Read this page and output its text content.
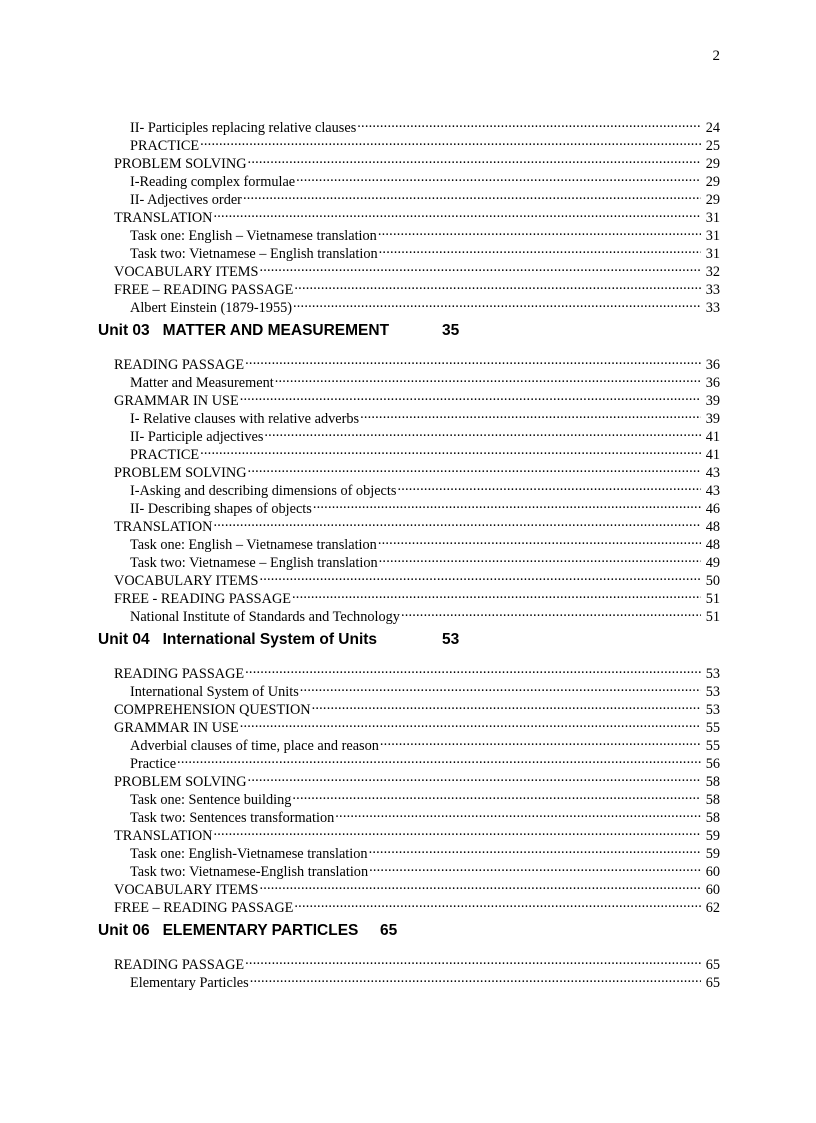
2
II- Participles replacing relative clauses .....	24
PRACTICE .....	25
PROBLEM SOLVING .....	29
I-Reading complex formulae .....	29
II- Adjectives order .....	29
TRANSLATION .....	31
Task one: English – Vietnamese translation .....	31
Task two: Vietnamese – English translation .....	31
VOCABULARY ITEMS .....	32
FREE – READING PASSAGE .....	33
Albert Einstein (1879-1955) .....	33
Unit 03   MATTER AND MEASUREMENT	35
READING PASSAGE .....	36
Matter and Measurement .....	36
GRAMMAR IN USE .....	39
I- Relative clauses with relative adverbs .....	39
II- Participle adjectives .....	41
PRACTICE .....	41
PROBLEM SOLVING .....	43
I-Asking and describing dimensions of objects .....	43
II- Describing shapes of objects .....	46
TRANSLATION .....	48
Task one: English – Vietnamese translation .....	48
Task two: Vietnamese – English translation .....	49
VOCABULARY ITEMS .....	50
FREE - READING PASSAGE .....	51
National Institute of Standards and Technology .....	51
Unit 04   International System of Units	53
READING PASSAGE .....	53
International System of Units .....	53
COMPREHENSION QUESTION .....	53
GRAMMAR IN USE .....	55
Adverbial clauses of time, place and reason .....	55
Practice .....	56
PROBLEM SOLVING .....	58
Task one: Sentence building .....	58
Task two: Sentences transformation .....	58
TRANSLATION .....	59
Task one: English-Vietnamese translation .....	59
Task two: Vietnamese-English translation .....	60
VOCABULARY ITEMS .....	60
FREE – READING PASSAGE .....	62
Unit 06   ELEMENTARY PARTICLES	65
READING PASSAGE .....	65
Elementary Particles .....	65
